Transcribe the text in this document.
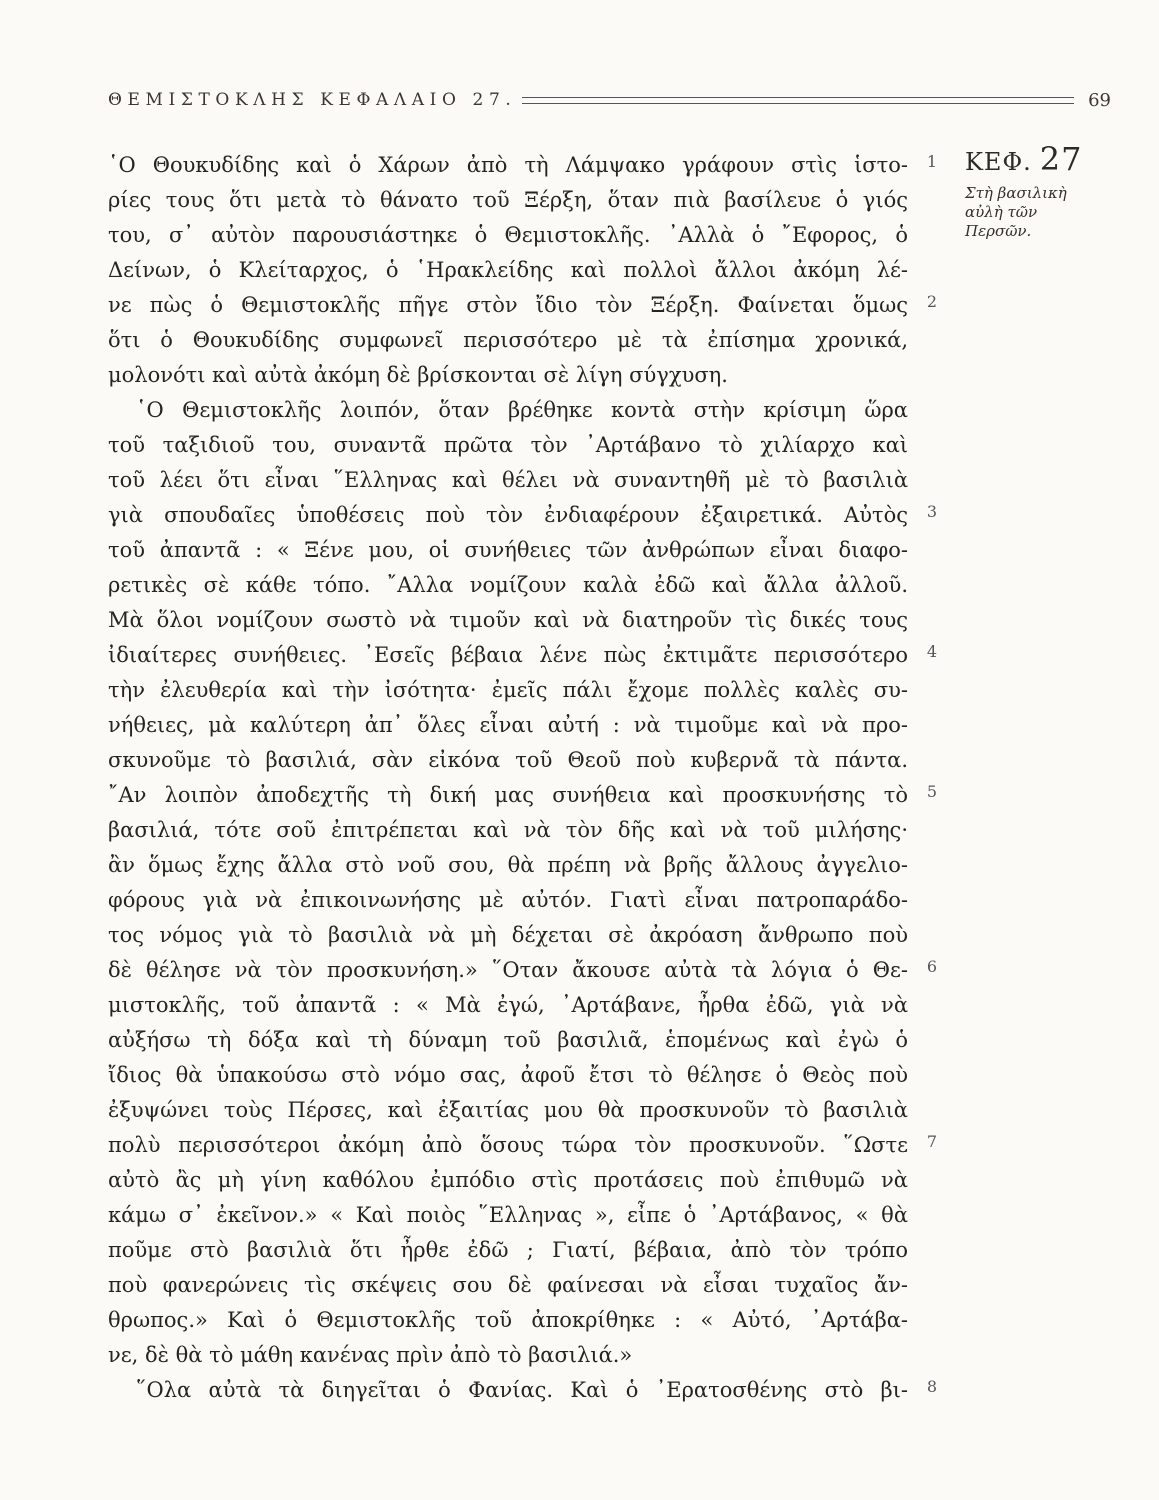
ΘΕΜΙΣΤΟΚΛΗΣ ΚΕΦΑΛΑΙΟ 27.	69
ΚΕΦ. 27
Στὴ βασιλικὴ
αὐλὴ τῶν
Περσῶν.
῾Ο Θουκυδίδης καὶ ὁ Χάρων ἀπὸ τὴ Λάμψακο γράφουν στὶς ἱστο-
ρίες τους ὅτι μετὰ τὸ θάνατο τοῦ Ξέρξη, ὅταν πιὰ βασίλευε ὁ γιός
του, σ᾿ αὐτὸν παρουσιάστηκε ὁ Θεμιστοκλῆς. ᾿Αλλὰ ὁ ῎Εφορος, ὁ
Δείνων, ὁ Κλείταρχος, ὁ ῾Ηρακλείδης καὶ πολλοὶ ἄλλοι ἀκόμη λέ-
νε πὼς ὁ Θεμιστοκλῆς πῆγε στὸν ἴδιο τὸν Ξέρξη. Φαίνεται ὅμως
ὅτι ὁ Θουκυδίδης συμφωνεῖ περισσότερο μὲ τὰ ἐπίσημα χρονικά,
μολονότι καὶ αὐτὰ ἀκόμη δὲ βρίσκονται σὲ λίγη σύγχυση.
῾Ο Θεμιστοκλῆς λοιπόν, ὅταν βρέθηκε κοντὰ στὴν κρίσιμη ὥρα
τοῦ ταξιδιοῦ του, συναντᾶ πρῶτα τὸν ᾿Αρτάβανο τὸ χιλίαρχο καὶ
τοῦ λέει ὅτι εἶναι ῞Ελληνας καὶ θέλει νὰ συναντηθῆ μὲ τὸ βασιλιὰ
γιὰ σπουδαῖες ὑποθέσεις ποὺ τὸν ἐνδιαφέρουν ἐξαιρετικά. Αὐτὸς
τοῦ ἀπαντᾶ : « Ξένε μου, οἱ συνήθειες τῶν ἀνθρώπων εἶναι διαφο-
ρετικὲς σὲ κάθε τόπο. ῎Αλλα νομίζουν καλὰ ἐδῶ καὶ ἄλλα ἀλλοῦ.
Μὰ ὅλοι νομίζουν σωστὸ νὰ τιμοῦν καὶ νὰ διατηροῦν τὶς δικές τους
ἰδιαίτερες συνήθειες. ᾿Εσεῖς βέβαια λένε πὼς ἐκτιμᾶτε περισσότερο
τὴν ἐλευθερία καὶ τὴν ἰσότητα· ἐμεῖς πάλι ἔχομε πολλὲς καλὲς συ-
νήθειες, μὰ καλύτερη ἀπ᾿ ὅλες εἶναι αὐτή : νὰ τιμοῦμε καὶ νὰ προ-
σκυνοῦμε τὸ βασιλιά, σὰν εἰκόνα τοῦ Θεοῦ ποὺ κυβερνᾶ τὰ πάντα.
῎Αν λοιπὸν ἀποδεχτῆς τὴ δική μας συνήθεια καὶ προσκυνήσης τὸ
βασιλιά, τότε σοῦ ἐπιτρέπεται καὶ νὰ τὸν δῆς καὶ νὰ τοῦ μιλήσης·
ἂν ὅμως ἔχης ἄλλα στὸ νοῦ σου, θὰ πρέπη νὰ βρῆς ἄλλους ἀγγελιο-
φόρους γιὰ νὰ ἐπικοινωνήσης μὲ αὐτόν. Γιατὶ εἶναι πατροπαράδο-
τος νόμος γιὰ τὸ βασιλιὰ νὰ μὴ δέχεται σὲ ἀκρόαση ἄνθρωπο ποὺ
δὲ θέλησε νὰ τὸν προσκυνήση.» ῞Οταν ἄκουσε αὐτὰ τὰ λόγια ὁ Θε-
μιστοκλῆς, τοῦ ἀπαντᾶ : « Μὰ ἐγώ, ᾿Αρτάβανε, ἦρθα ἐδῶ, γιὰ νὰ
αὐξήσω τὴ δόξα καὶ τὴ δύναμη τοῦ βασιλιᾶ, ἑπομένως καὶ ἐγὼ ὁ
ἴδιος θὰ ὑπακούσω στὸ νόμο σας, ἀφοῦ ἔτσι τὸ θέλησε ὁ Θεὸς ποὺ
ἐξυψώνει τοὺς Πέρσες, καὶ ἐξαιτίας μου θὰ προσκυνοῦν τὸ βασιλιὰ
πολὺ περισσότεροι ἀκόμη ἀπὸ ὅσους τώρα τὸν προσκυνοῦν. ῞Ωστε
αὐτὸ ἂς μὴ γίνη καθόλου ἐμπόδιο στὶς προτάσεις ποὺ ἐπιθυμῶ νὰ
κάμω σ᾿ ἐκεῖνον.» « Καὶ ποιὸς ῞Ελληνας », εἶπε ὁ ᾿Αρτάβανος, « θὰ
ποῦμε στὸ βασιλιὰ ὅτι ἦρθε ἐδῶ ; Γιατί, βέβαια, ἀπὸ τὸν τρόπο
ποὺ φανερώνεις τὶς σκέψεις σου δὲ φαίνεσαι νὰ εἶσαι τυχαῖος ἄν-
θρωπος.» Καὶ ὁ Θεμιστοκλῆς τοῦ ἀποκρίθηκε : « Αὐτό, ᾿Αρτάβα-
νε, δὲ θὰ τὸ μάθη κανένας πρὶν ἀπὸ τὸ βασιλιά.»
῞Ολα αὐτὰ τὰ διηγεῖται ὁ Φανίας. Καὶ ὁ ᾿Ερατοσθένης στὸ βι-
1
2
3
4
5
6
7
8
